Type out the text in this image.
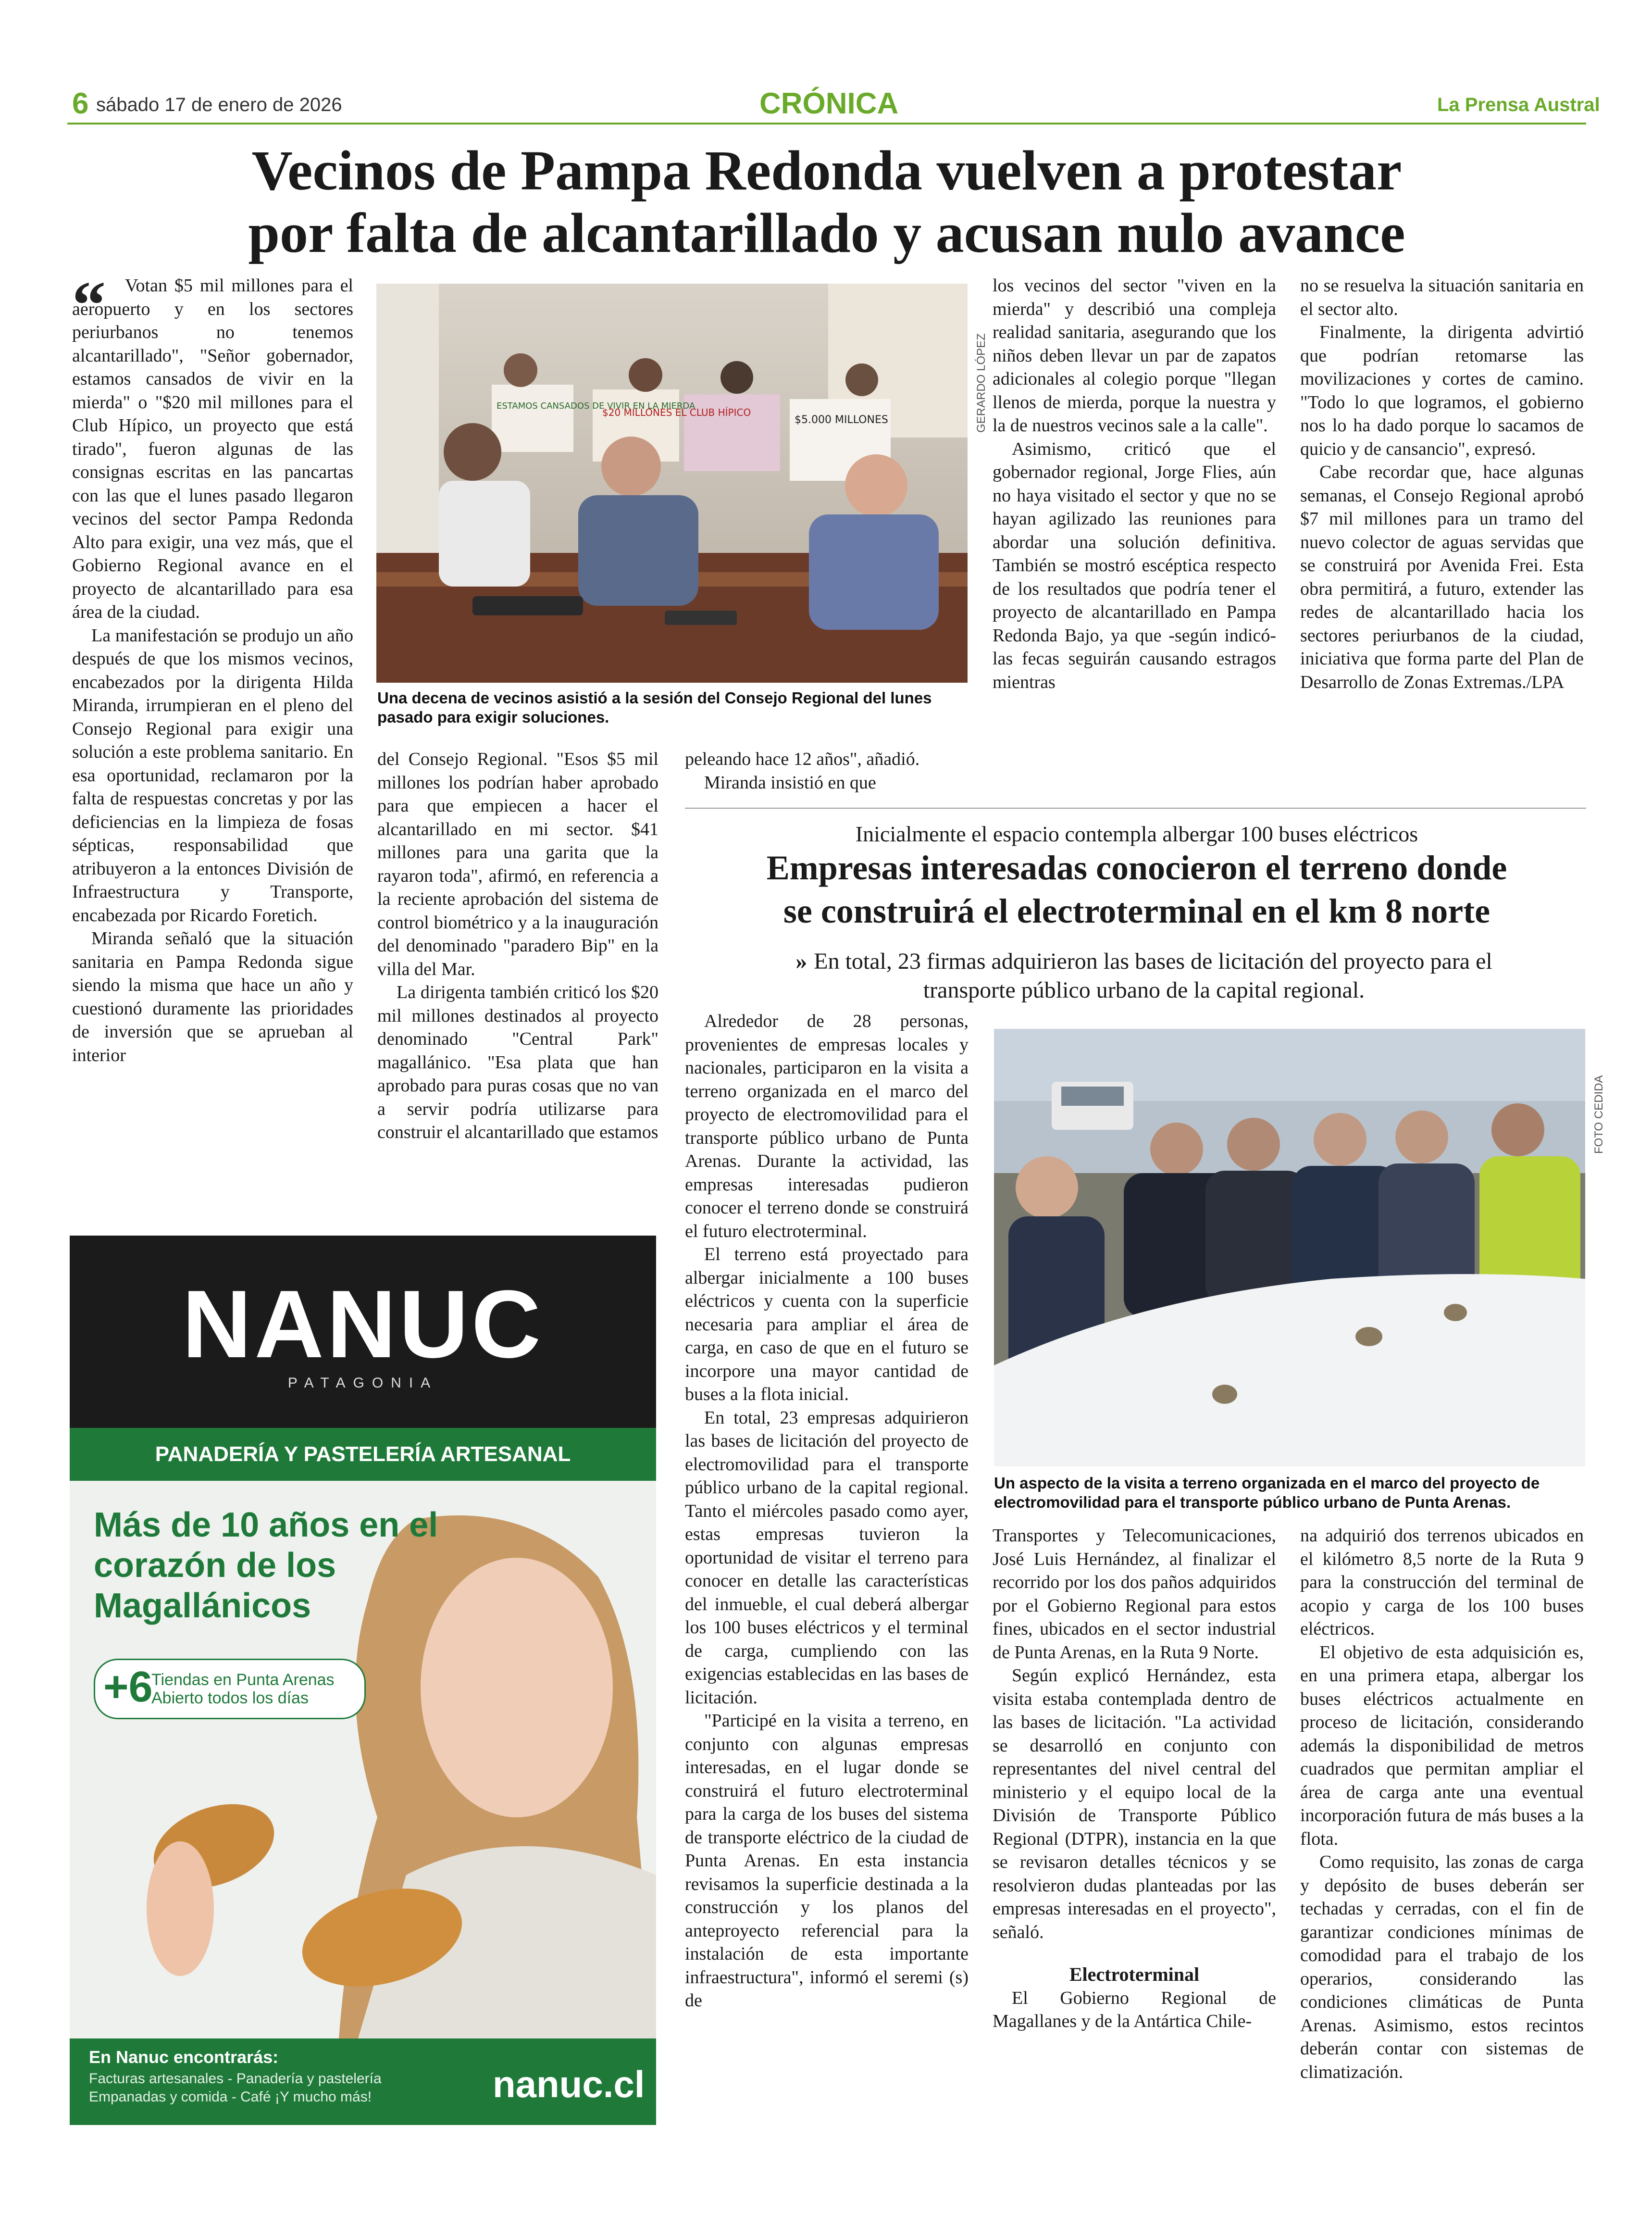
6 sábado 17 de enero de 2026	CRÓNICA	La Prensa Austral
Vecinos de Pampa Redonda vuelven a protestar
por falta de alcantarillado y acusan nulo avance
“	Votan $5 mil millones para el aeropuerto y en los sectores periurbanos no tenemos alcantarillado", "Señor gobernador, estamos cansados de vivir en la mierda" o "$20 mil millones para el Club Hípico, un proyecto que está tirado", fueron algunas de las consignas escritas en las pancartas con las que el lunes pasado llegaron vecinos del sector Pampa Redonda Alto para exigir, una vez más, que el Gobierno Regional avance en el proyecto de alcantarillado para esa área de la ciudad.

La manifestación se produjo un año después de que los mismos vecinos, encabezados por la dirigenta Hilda Miranda, irrumpieran en el pleno del Consejo Regional para exigir una solución a este problema sanitario. En esa oportunidad, reclamaron por la falta de respuestas concretas y por las deficiencias en la limpieza de fosas sépticas, responsabilidad que atribuyeron a la entonces División de Infraestructura y Transporte, encabezada por Ricardo Foretich.

Miranda señaló que la situación sanitaria en Pampa Redonda sigue siendo la misma que hace un año y cuestionó duramente las prioridades de inversión que se aprueban al interior

$5.000 MILLONES
$20 MILLONES EL CLUB HÍPICO
ESTAMOS CANSADOS DE VIVIR EN LA MIERDA	GERARDO LÓPEZ
Una decena de vecinos asistió a la sesión del Consejo Regional del lunes pasado para exigir soluciones.

del Consejo Regional. "Esos $5 mil millones los podrían haber aprobado para que empiecen a hacer el alcantarillado en mi sector. $41 millones para una garita que la rayaron toda", afirmó, en referencia a la reciente aprobación del sistema de control biométrico y a la inauguración del denominado "paradero Bip" en la villa del Mar.

La dirigenta también criticó los $20 mil millones destinados al proyecto denominado "Central Park" magallánico. "Esa plata que han aprobado para puras cosas que no van a servir podría utilizarse para construir el alcantarillado que estamos

peleando hace 12 años", añadió.

Miranda insistió en que

los vecinos del sector "viven en la mierda" y describió una compleja realidad sanitaria, asegurando que los niños deben llevar un par de zapatos adicionales al colegio porque "llegan llenos de mierda, porque la nuestra y la de nuestros vecinos sale a la calle".

Asimismo, criticó que el gobernador regional, Jorge Flies, aún no haya visitado el sector y que no se hayan agilizado las reuniones para abordar una solución definitiva. También se mostró escéptica respecto de los resultados que podría tener el proyecto de alcantarillado en Pampa Redonda Bajo, ya que -según indicó- las fecas seguirán causando estragos mientras

no se resuelva la situación sanitaria en el sector alto.

Finalmente, la dirigenta advirtió que podrían retomarse las movilizaciones y cortes de camino. "Todo lo que logramos, el gobierno nos lo ha dado porque lo sacamos de quicio y de cansancio", expresó.

Cabe recordar que, hace algunas semanas, el Consejo Regional aprobó $7 mil millones para un tramo del nuevo colector de aguas servidas que se construirá por Avenida Frei. Esta obra permitirá, a futuro, extender las redes de alcantarillado hacia los sectores periurbanos de la ciudad, iniciativa que forma parte del Plan de Desarrollo de Zonas Extremas./LPA

Inicialmente el espacio contempla albergar 100 buses eléctricos
Empresas interesadas conocieron el terreno donde
se construirá el electroterminal en el km 8 norte
» En total, 23 firmas adquirieron las bases de licitación del proyecto para el transporte público urbano de la capital regional.

Alrededor de 28 personas, provenientes de empresas locales y nacionales, participaron en la visita a terreno organizada en el marco del proyecto de electromovilidad para el transporte público urbano de Punta Arenas. Durante la actividad, las empresas interesadas pudieron conocer el terreno donde se construirá el futuro electroterminal.

El terreno está proyectado para albergar inicialmente a 100 buses eléctricos y cuenta con la superficie necesaria para ampliar el área de carga, en caso de que en el futuro se incorpore una mayor cantidad de buses a la flota inicial.

En total, 23 empresas adquirieron las bases de licitación del proyecto de electromovilidad para el transporte público urbano de la capital regional. Tanto el miércoles pasado como ayer, estas empresas tuvieron la oportunidad de visitar el terreno para conocer en detalle las características del inmueble, el cual deberá albergar los 100 buses eléctricos y el terminal de carga, cumpliendo con las exigencias establecidas en las bases de licitación.

"Participé en la visita a terreno, en conjunto con algunas empresas interesadas, en el lugar donde se construirá el futuro electroterminal para la carga de los buses del sistema de transporte eléctrico de la ciudad de Punta Arenas. En esta instancia revisamos la superficie destinada a la construcción y los planos del anteproyecto referencial para la instalación de esta importante infraestructura", informó el seremi (s) de

FOTO CEDIDA
Un aspecto de la visita a terreno organizada en el marco del proyecto de electromovilidad para el transporte público urbano de Punta Arenas.

Transportes y Telecomunicaciones, José Luis Hernández, al finalizar el recorrido por los dos paños adquiridos por el Gobierno Regional para estos fines, ubicados en el sector industrial de Punta Arenas, en la Ruta 9 Norte.

Según explicó Hernández, esta visita estaba contemplada dentro de las bases de licitación. "La actividad se desarrolló en conjunto con representantes del nivel central del ministerio y el equipo local de la División de Transporte Público Regional (DTPR), instancia en la que se revisaron detalles técnicos y se resolvieron dudas planteadas por las empresas interesadas en el proyecto", señaló.

Electroterminal

El Gobierno Regional de Magallanes y de la Antártica Chile-

na adquirió dos terrenos ubicados en el kilómetro 8,5 norte de la Ruta 9 para la construcción del terminal de acopio y carga de los 100 buses eléctricos.

El objetivo de esta adquisición es, en una primera etapa, albergar los buses eléctricos actualmente en proceso de licitación, considerando además la disponibilidad de metros cuadrados que permitan ampliar el área de carga ante una eventual incorporación futura de más buses a la flota.

Como requisito, las zonas de carga y depósito de buses deberán ser techadas y cerradas, con el fin de garantizar condiciones mínimas de comodidad para el trabajo de los operarios, considerando las condiciones climáticas de Punta Arenas. Asimismo, estos recintos deberán contar con sistemas de climatización.

NANUC
PATAGONIA
PANADERÍA Y PASTELERÍA ARTESANAL
Más de 10 años en el corazón de los Magallánicos
+6
Tiendas en Punta Arenas
Abierto todos los días
En Nanuc encontrarás:
Facturas artesanales - Panadería y pastelería
Empanadas y comida - Café ¡Y mucho más!	nanuc.cl
